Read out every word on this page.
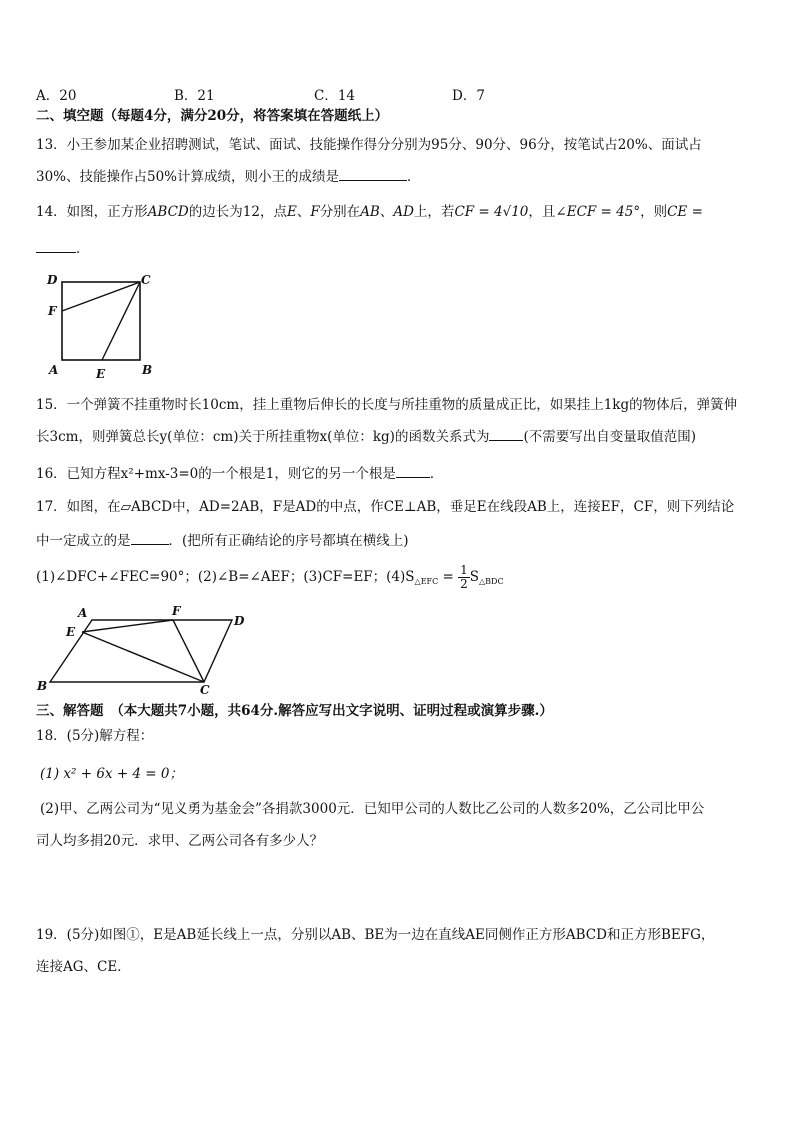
A．20	B．21	C．14	D．7
二、填空题（每题4分，满分20分，将答案填在答题纸上）
13．小王参加某企业招聘测试，笔试、面试、技能操作得分分别为95分、90分、96分，按笔试占20%、面试占
30%、技能操作占50%计算成绩，则小王的成绩是	．
14．如图，正方形ABCD的边长为12，点E、F分别在AB、AD上，若CF = 4√10，且∠ECF = 45°，则CE =
．
D	C
F
A	E	B
15．一个弹簧不挂重物时长10cm，挂上重物后伸长的长度与所挂重物的质量成正比，如果挂上1kg的物体后，弹簧伸
长3cm，则弹簧总长y(单位：cm)关于所挂重物x(单位：kg)的函数关系式为	(不需要写出自变量取值范围)
16．已知方程x²+mx-3=0的一个根是1，则它的另一个根是	．
17．如图，在▱ABCD中，AD=2AB，F是AD的中点，作CE⊥AB，垂足E在线段AB上，连接EF，CF，则下列结论
中一定成立的是	．(把所有正确结论的序号都填在横线上)
(1)∠DFC+∠FEC=90°；(2)∠B=∠AEF；(3)CF=EF；$(4)S_{\triangle EFC} = \frac{1}{2} S_{\triangle BDC}$
A	F
D
E
B	C
三、解答题　（本大题共7小题，共64分.解答应写出文字说明、证明过程或演算步骤.）
18．(5分)解方程：
(1) x² + 6x + 4 = 0；
(2)甲、乙两公司为“见义勇为基金会”各捐款3000元．已知甲公司的人数比乙公司的人数多20%，乙公司比甲公
司人均多捐20元．求甲、乙两公司各有多少人？
19．(5分)如图①，E是AB延长线上一点，分别以AB、BE为一边在直线AE同侧作正方形ABCD和正方形BEFG，
连接AG、CE．
